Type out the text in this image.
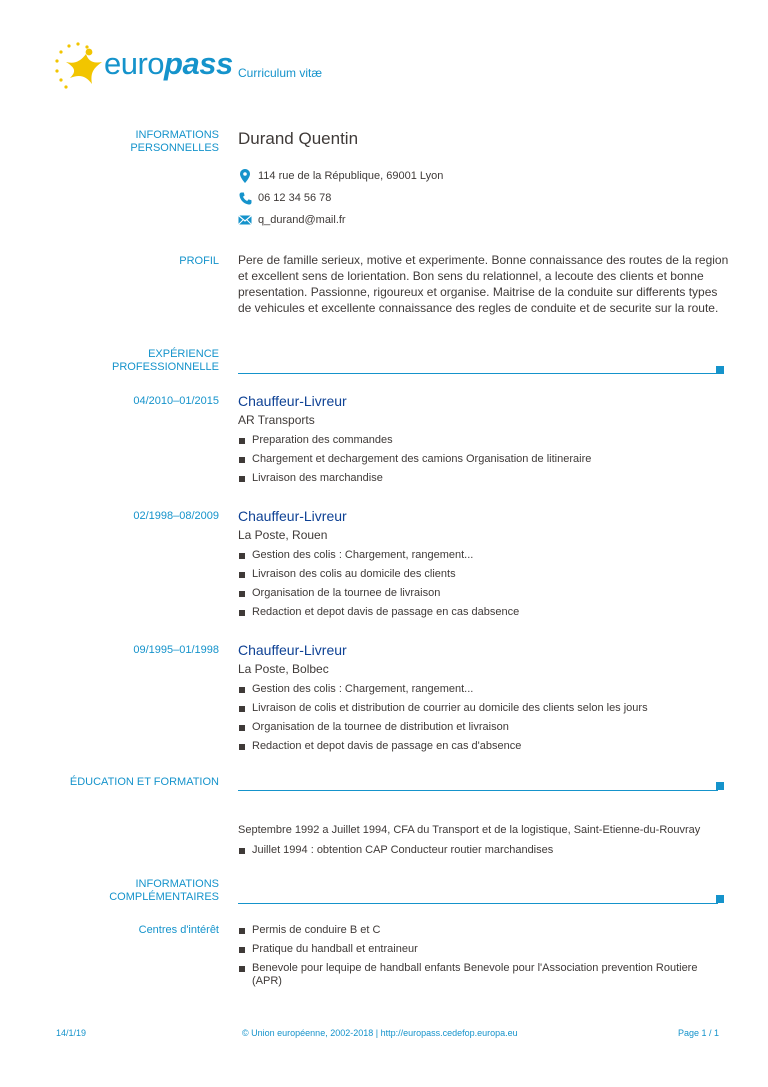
europass Curriculum vitæ
INFORMATIONS
PERSONNELLES Durand Quentin
114 rue de la République, 69001 Lyon
06 12 34 56 78
q_durand@mail.fr
PROFIL Pere de famille serieux, motive et experimente. Bonne connaissance des routes de la region et excellent sens de lorientation. Bon sens du relationnel, a lecoute des clients et bonne presentation. Passionne, rigoureux et organise. Maitrise de la conduite sur differents types de vehicules et excellente connaissance des regles de conduite et de securite sur la route.
EXPÉRIENCE
PROFESSIONNELLE
04/2010–01/2015 Chauffeur-Livreur
AR Transports
Preparation des commandes
Chargement et dechargement des camions Organisation de litineraire
Livraison des marchandise
02/1998–08/2009 Chauffeur-Livreur
La Poste, Rouen
Gestion des colis : Chargement, rangement...
Livraison des colis au domicile des clients
Organisation de la tournee de livraison
Redaction et depot davis de passage en cas dabsence
09/1995–01/1998 Chauffeur-Livreur
La Poste, Bolbec
Gestion des colis : Chargement, rangement...
Livraison de colis et distribution de courrier au domicile des clients selon les jours
Organisation de la tournee de distribution et livraison
Redaction et depot davis de passage en cas d'absence
ÉDUCATION ET FORMATION
Septembre 1992 a Juillet 1994, CFA du Transport et de la logistique, Saint-Etienne-du-Rouvray
Juillet 1994 : obtention CAP Conducteur routier marchandises
INFORMATIONS
COMPLÉMENTAIRES
Centres d'intérêt	Permis de conduire B et C
Pratique du handball et entraineur
Benevole pour lequipe de handball enfants Benevole pour l'Association prevention Routiere (APR)
14/1/19	© Union européenne, 2002-2018 | http://europass.cedefop.europa.eu	Page 1 / 1
